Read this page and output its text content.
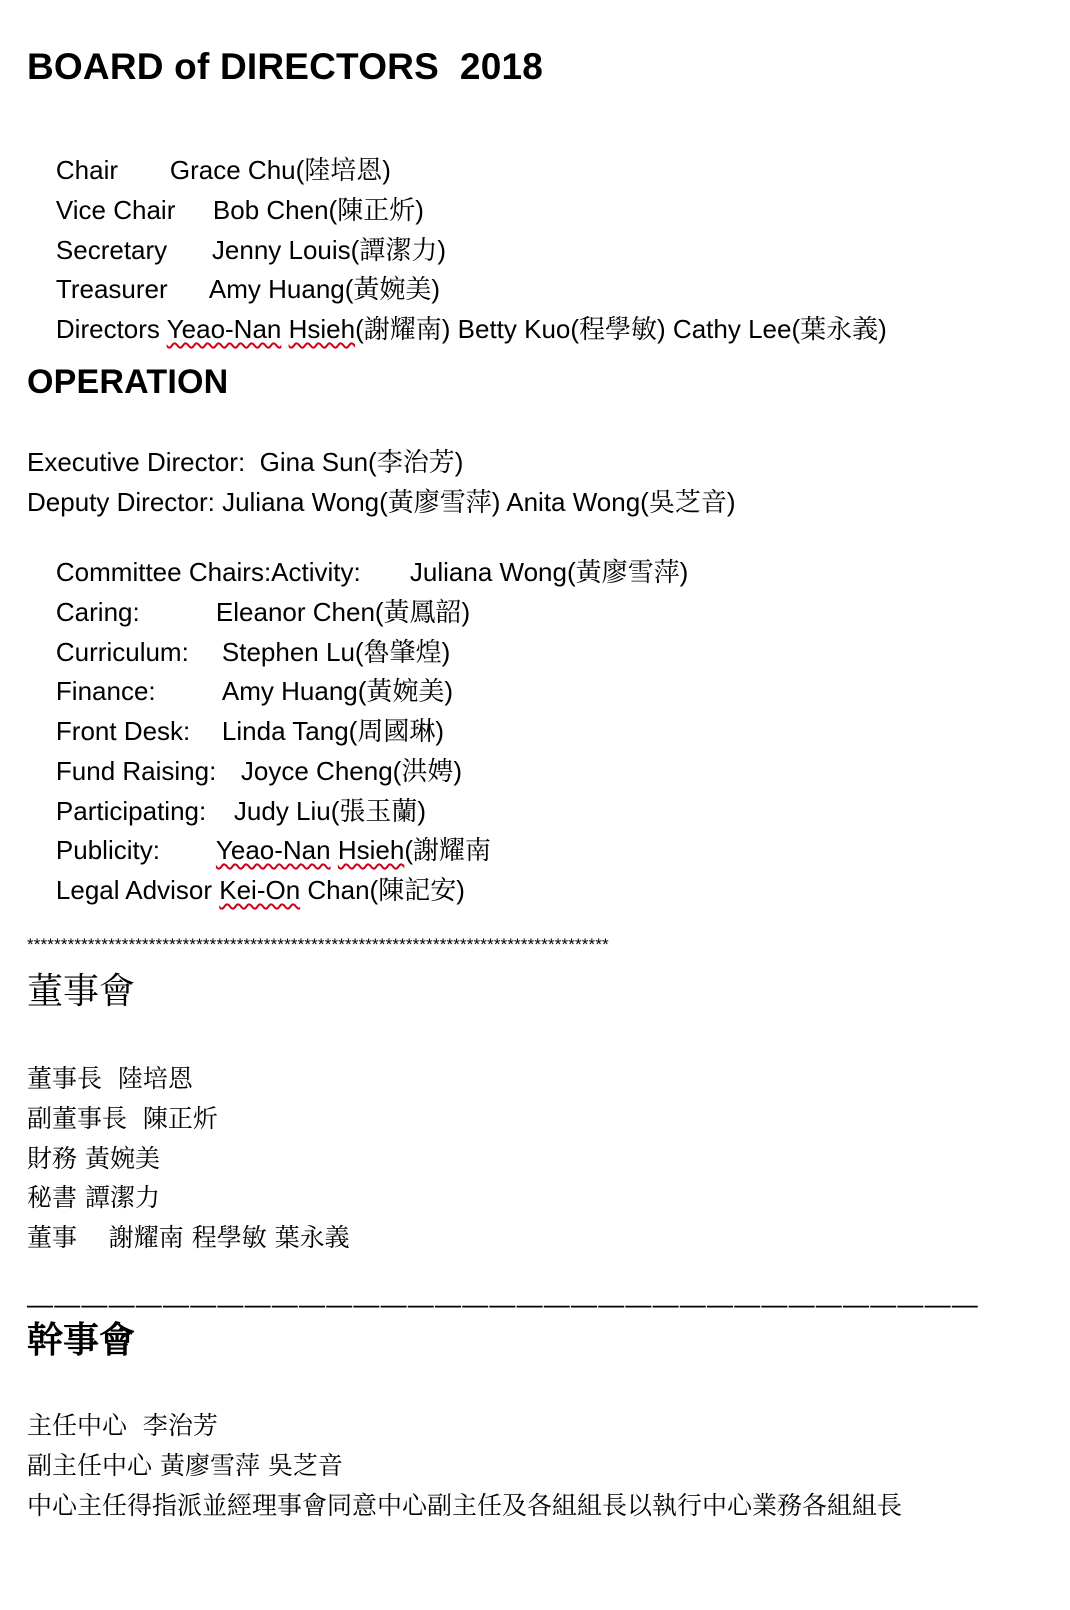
BOARD of DIRECTORS  2018

Chair Grace Chu(陸培恩)

Vice Chair Bob Chen(陳正炘)

Secretary Jenny Louis(譚潔力)

Treasurer Amy Huang(黃婉美)

Directors Yeao-Nan Hsieh(謝耀南) Betty Kuo(程學敏) Cathy Lee(葉永義)

OPERATION
Executive Director:  Gina Sun(李治芳)
Deputy Director: Juliana Wong(黃廖雪萍) Anita Wong(吳芝音)

Committee Chairs:Activity: Juliana Wong(黃廖雪萍)

Caring:	Eleanor Chen(黃鳳韶)

Curriculum: Stephen Lu(魯肇煌)

Finance:	Amy Huang(黃婉美)

Front Desk: Linda Tang(周國琳)

Fund Raising: Joyce Cheng(洪娉)

Participating: Judy Liu(張玉蘭)

Publicity: Yeao-Nan Hsieh(謝耀南

Legal Advisor Kei-On Chan(陳記安)

**************************************************************************************
董事會
董事長  陸培恩
副董事長  陳正炘
財務 黃婉美
秘書 譚潔力
董事    謝耀南 程學敏 葉永義
———————————————————————————————————
幹事會
主任中心  李治芳
副主任中心 黃廖雪萍 吳芝音
中心主任得指派並經理事會同意中心副主任及各組組長以執行中心業務各組組長
